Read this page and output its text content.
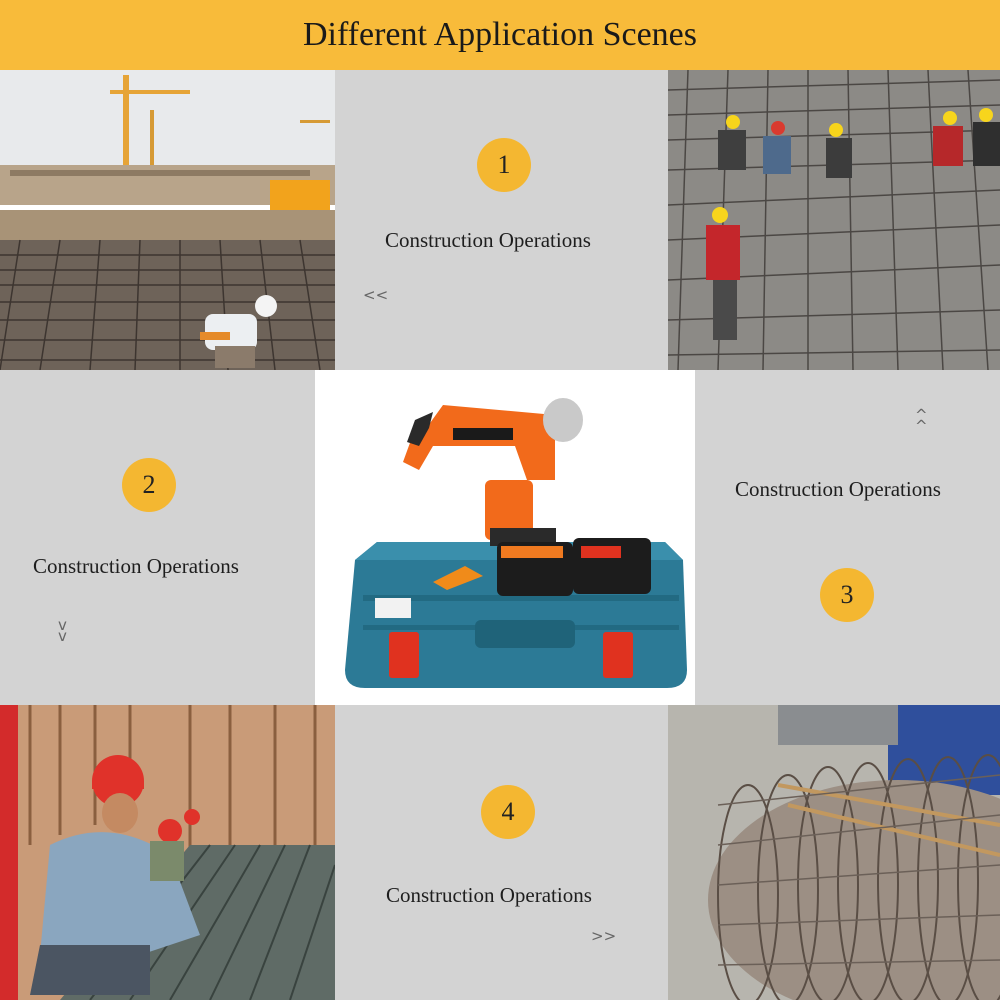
Different Application Scenes
1
Construction Operations
<<
2
Construction Operations
v
v
^
^
Construction Operations
3
4
Construction Operations
>>
